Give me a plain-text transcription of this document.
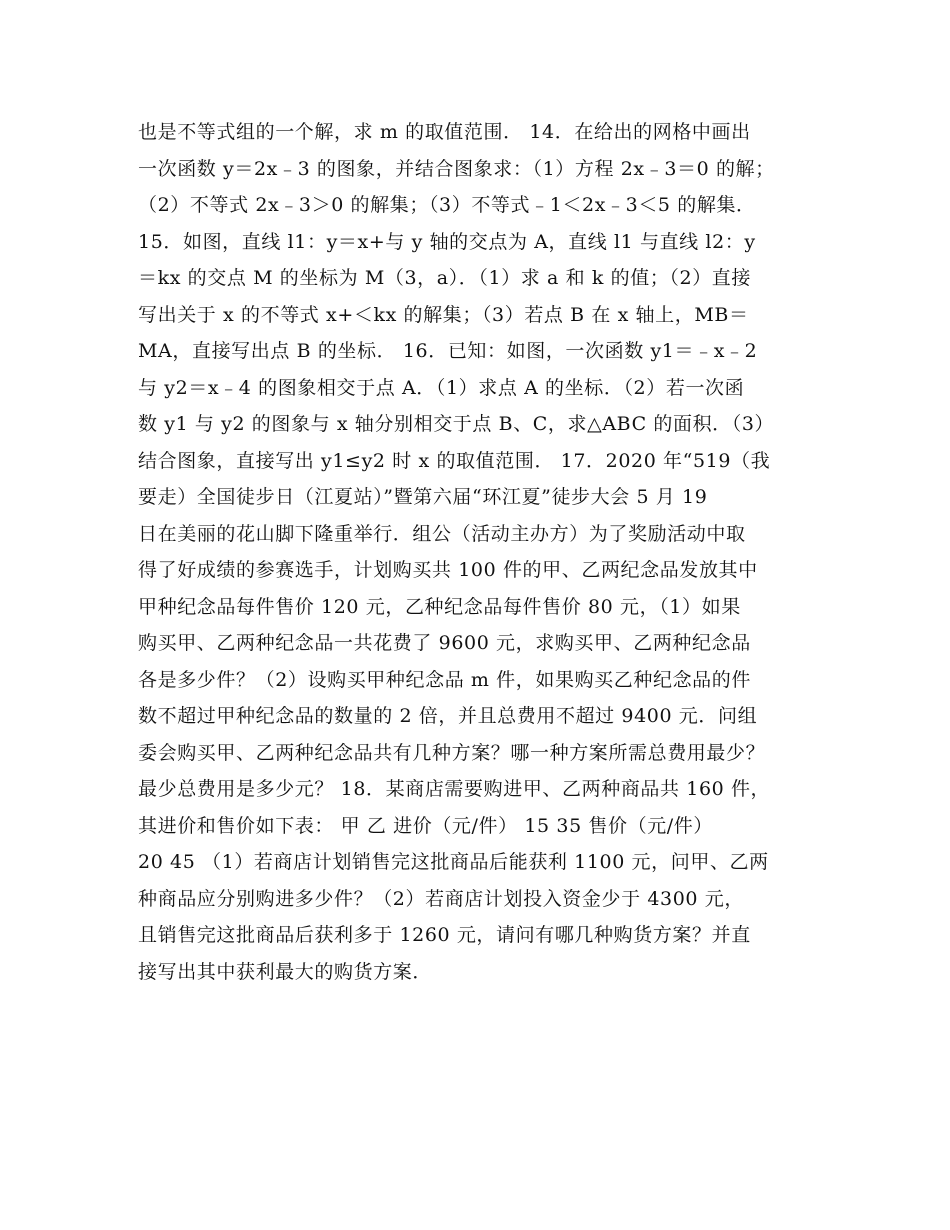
也是不等式组的一个解，求 m 的取值范围． 14．在给出的网格中画出
一次函数 y＝2x﹣3 的图象，并结合图象求：（1）方程 2x﹣3＝0 的解；
（2）不等式 2x﹣3＞0 的解集；（3）不等式﹣1＜2x﹣3＜5 的解集．
15．如图，直线 l1：y＝x+与 y 轴的交点为 A，直线 l1 与直线 l2：y
＝kx 的交点 M 的坐标为 M（3，a）．（1）求 a 和 k 的值；（2）直接
写出关于 x 的不等式 x+＜kx 的解集；（3）若点 B 在 x 轴上，MB＝
MA，直接写出点 B 的坐标． 16．已知：如图，一次函数 y1＝﹣x﹣2
与 y2＝x﹣4 的图象相交于点 A．（1）求点 A 的坐标．（2）若一次函
数 y1 与 y2 的图象与 x 轴分别相交于点 B、C，求△ABC 的面积．（3）
结合图象，直接写出 y1≤y2 时 x 的取值范围． 17．2020 年“519（我
要走）全国徒步日（江夏站）”暨第六届“环江夏”徒步大会 5 月 19
日在美丽的花山脚下隆重举行．组公（活动主办方）为了奖励活动中取
得了好成绩的参赛选手，计划购买共 100 件的甲、乙两纪念品发放其中
甲种纪念品每件售价 120 元，乙种纪念品每件售价 80 元，（1）如果
购买甲、乙两种纪念品一共花费了 9600 元，求购买甲、乙两种纪念品
各是多少件？（2）设购买甲种纪念品 m 件，如果购买乙种纪念品的件
数不超过甲种纪念品的数量的 2 倍，并且总费用不超过 9400 元．问组
委会购买甲、乙两种纪念品共有几种方案？哪一种方案所需总费用最少？
最少总费用是多少元？ 18．某商店需要购进甲、乙两种商品共 160 件，
其进价和售价如下表： 甲 乙 进价（元/件） 15 35 售价（元/件）
20 45 （1）若商店计划销售完这批商品后能获利 1100 元，问甲、乙两
种商品应分别购进多少件？（2）若商店计划投入资金少于 4300 元，
且销售完这批商品后获利多于 1260 元，请问有哪几种购货方案？并直
接写出其中获利最大的购货方案．
